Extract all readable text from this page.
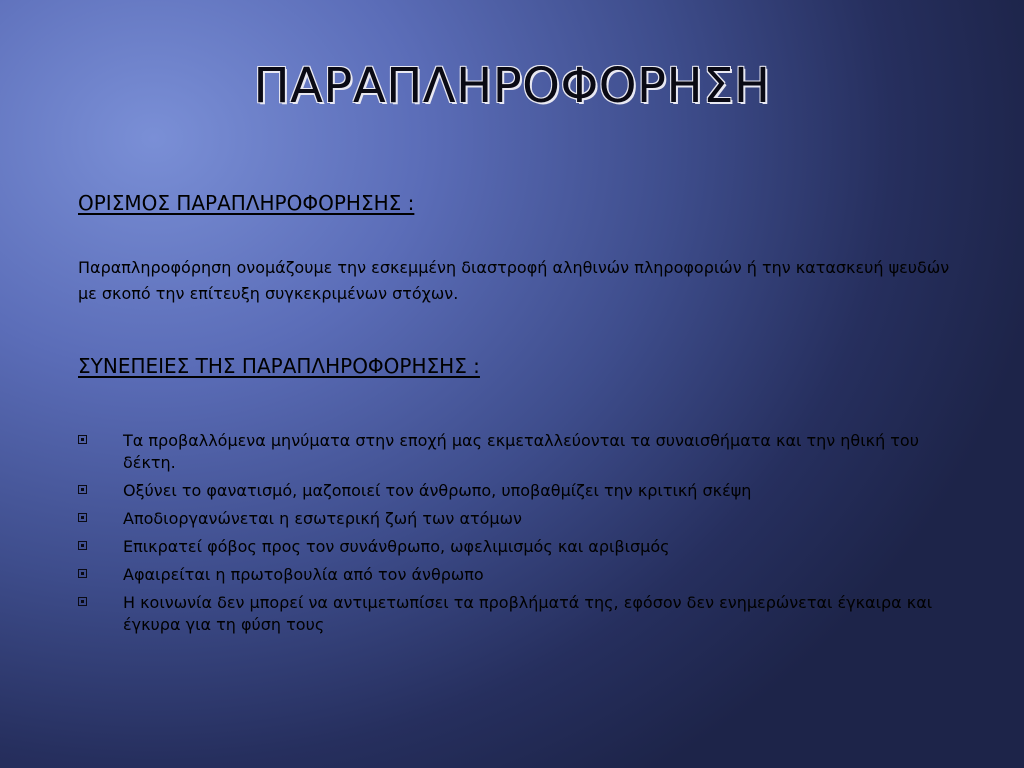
ΠΑΡΑΠΛΗΡΟΦΟΡΗΣΗ
ΟΡΙΣΜΟΣ ΠΑΡΑΠΛΗΡΟΦΟΡΗΣΗΣ :
Παραπληροφόρηση ονομάζουμε την εσκεμμένη διαστροφή αληθινών πληροφοριών ή την κατασκευή ψευδών με σκοπό την επίτευξη συγκεκριμένων στόχων.
ΣΥΝΕΠΕΙΕΣ ΤΗΣ ΠΑΡΑΠΛΗΡΟΦΟΡΗΣΗΣ :
Τα προβαλλόμενα μηνύματα στην εποχή μας εκμεταλλεύονται τα συναισθήματα και την ηθική του δέκτη.
Οξύνει το φανατισμό, μαζοποιεί τον άνθρωπο, υποβαθμίζει την κριτική σκέψη
Αποδιοργανώνεται η εσωτερική ζωή των ατόμων
Επικρατεί φόβος προς τον συνάνθρωπο, ωφελιμισμός και αριβισμός
Αφαιρείται η πρωτοβουλία από τον άνθρωπο
Η κοινωνία δεν μπορεί να αντιμετωπίσει τα προβλήματά της, εφόσον δεν ενημερώνεται έγκαιρα και έγκυρα για τη φύση τους
